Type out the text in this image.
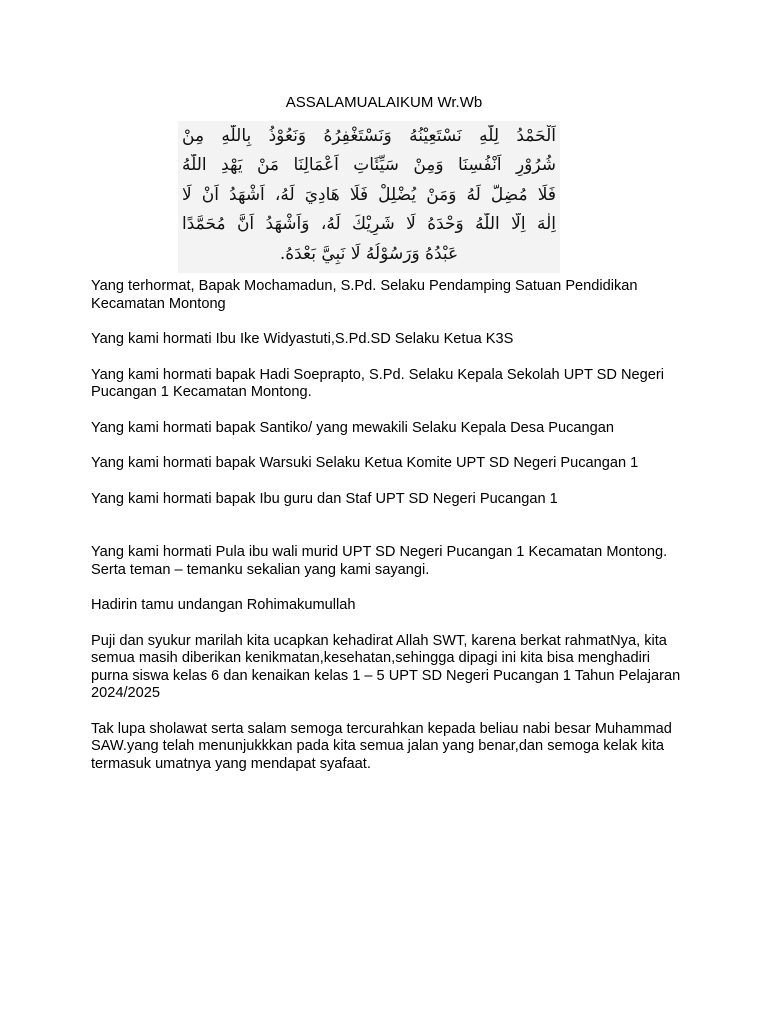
ASSALAMUALAIKUM Wr.Wb
اَلْحَمْدُ لِلّٰهِ نَسْتَعِيْنُهُ وَنَسْتَغْفِرُهُ وَنَعُوْذُ بِاللّٰهِ مِنْ
شُرُوْرِ اَنْفُسِنَا وَمِنْ سَيِّئَاتِ اَعْمَالِنَا مَنْ يَهْدِ اللّٰهُ
فَلَا مُضِلَّ لَهُ وَمَنْ يُضْلِلْ فَلَا هَادِيَ لَهُ، اَشْهَدُ اَنْ لَا
اِلٰهَ اِلَّا اللّٰهُ وَحْدَهُ لَا شَرِيْكَ لَهُ، وَاَشْهَدُ اَنَّ مُحَمَّدًا
عَبْدُهُ وَرَسُوْلُهُ لَا نَبِيَّ بَعْدَهُ.

Yang terhormat, Bapak Mochamadun, S.Pd. Selaku Pendamping Satuan Pendidikan Kecamatan Montong

Yang kami hormati Ibu Ike Widyastuti,S.Pd.SD Selaku Ketua K3S

Yang kami hormati bapak Hadi Soeprapto, S.Pd. Selaku Kepala Sekolah UPT SD Negeri Pucangan 1 Kecamatan Montong.

Yang kami hormati bapak Santiko/ yang mewakili Selaku Kepala Desa Pucangan

Yang kami hormati bapak Warsuki Selaku Ketua Komite UPT SD Negeri Pucangan 1

Yang kami hormati bapak Ibu guru dan Staf UPT SD Negeri Pucangan 1

Yang kami hormati Pula ibu wali murid UPT SD Negeri Pucangan 1 Kecamatan Montong.

Serta teman – temanku sekalian yang kami sayangi.

Hadirin tamu undangan Rohimakumullah

Puji dan syukur marilah kita ucapkan kehadirat Allah SWT, karena berkat rahmatNya, kita semua masih diberikan kenikmatan,kesehatan,sehingga dipagi ini kita bisa menghadiri purna siswa kelas 6 dan kenaikan kelas 1 – 5 UPT SD Negeri Pucangan 1 Tahun Pelajaran 2024/2025

Tak lupa sholawat serta salam semoga tercurahkan kepada beliau nabi besar Muhammad SAW.yang telah menunjukkkan pada kita semua jalan yang benar,dan semoga kelak kita termasuk umatnya yang mendapat syafaat.
